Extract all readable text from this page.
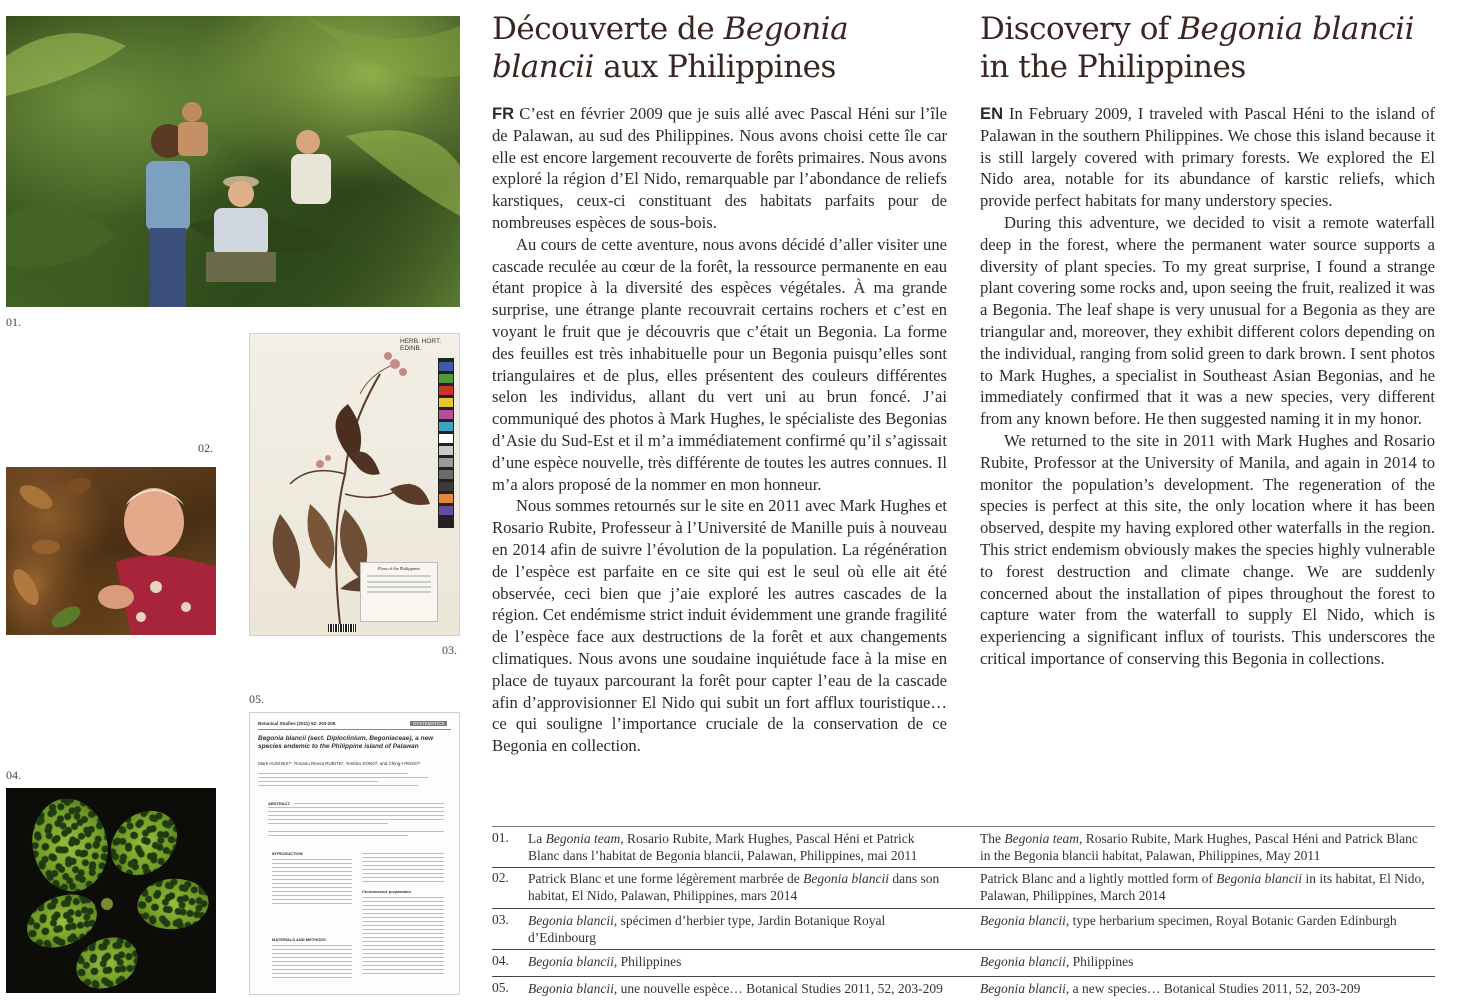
01.
02.
HERB. HORT. EDINB.
Flora of the Philippines
03.
04.
05.
Botanical Studies (2011) 52: 203-209.	SYSTEMATICS
Begonia blancii (sect. Diploclinium, Begoniaceae), a new species endemic to the Philippine island of Palawan
Mark HUGHES¹*, Rosario Rivera RUBITE², Yoshiko KONO³, and Ching-I PENG³*
ABSTRACT.
INTRODUCTION
MATERIALS AND METHODS
Chromosome preparation
Découverte de Begonia
blancii aux Philippines

FR C’est en février 2009 que je suis allé avec Pascal Héni sur l’île de Palawan, au sud des Philippines. Nous avons choisi cette île car elle est encore largement recouverte de forêts primaires. Nous avons exploré la région d’El Nido, remarquable par l’abondance de reliefs karstiques, ceux-ci constituant des habitats parfaits pour de nombreuses espèces de sous-bois.

Au cours de cette aventure, nous avons décidé d’aller visiter une cascade reculée au cœur de la forêt, la ressource permanente en eau étant propice à la diversité des espèces végétales. À ma grande surprise, une étrange plante recouvrait certains rochers et c’est en voyant le fruit que je découvris que c’était un Begonia. La forme des feuilles est très inhabituelle pour un Begonia puisqu’elles sont triangulaires et de plus, elles présentent des couleurs différentes selon les individus, allant du vert uni au brun foncé. J’ai communiqué des photos à Mark Hughes, le spécialiste des Begonias d’Asie du Sud-Est et il m’a immédiatement confirmé qu’il s’agissait d’une espèce nouvelle, très différente de toutes les autres connues. Il m’a alors proposé de la nommer en mon honneur.

Nous sommes retournés sur le site en 2011 avec Mark Hughes et Rosario Rubite, Professeur à l’Université de Manille puis à nouveau en 2014 afin de suivre l’évolution de la population. La régénération de l’espèce est parfaite en ce site qui est le seul où elle ait été observée, ceci bien que j’aie exploré les autres cascades de la région. Cet endémisme strict induit évidemment une grande fragilité de l’espèce face aux destructions de la forêt et aux changements climatiques. Nous avons une soudaine inquiétude face à la mise en place de tuyaux parcourant la forêt pour capter l’eau de la cascade afin d’approvisionner El Nido qui subit un fort afflux touristique… ce qui souligne l’importance cruciale de la conservation de ce Begonia en collection.

Discovery of Begonia blancii
in the Philippines

EN In February 2009, I traveled with Pascal Héni to the island of Palawan in the southern Philippines. We chose this island because it is still largely covered with primary forests. We explored the El Nido area, notable for its abundance of karstic reliefs, which provide perfect habitats for many understory species.

During this adventure, we decided to visit a remote waterfall deep in the forest, where the permanent water source supports a diversity of plant species. To my great surprise, I found a strange plant covering some rocks and, upon seeing the fruit, realized it was a Begonia. The leaf shape is very unusual for a Begonia as they are triangular and, moreover, they exhibit different colors depending on the individual, ranging from solid green to dark brown. I sent photos to Mark Hughes, a specialist in Southeast Asian Begonias, and he immediately confirmed that it was a new species, very different from any known before. He then suggested naming it in my honor.

We returned to the site in 2011 with Mark Hughes and Rosario Rubite, Professor at the University of Manila, and again in 2014 to monitor the population’s development. The regeneration of the species is perfect at this site, the only location where it has been observed, despite my having explored other waterfalls in the region. This strict endemism obviously makes the species highly vulnerable to forest destruction and climate change. We are suddenly concerned about the installation of pipes throughout the forest to capture water from the waterfall to supply El Nido, which is experiencing a significant influx of tourists. This underscores the critical importance of conserving this Begonia in collections.

01. La Begonia team, Rosario Rubite, Mark Hughes, Pascal Héni et Patrick Blanc dans l’habitat de Begonia blancii, Palawan, Philippines, mai 2011
The Begonia team, Rosario Rubite, Mark Hughes, Pascal Héni and Patrick Blanc in the Begonia blancii habitat, Palawan, Philippines, May 2011
02. Patrick Blanc et une forme légèrement marbrée de Begonia blancii dans son habitat, El Nido, Palawan, Philippines, mars 2014
Patrick Blanc and a lightly mottled form of Begonia blancii in its habitat, El Nido, Palawan, Philippines, March 2014
03. Begonia blancii, spécimen d’herbier type, Jardin Botanique Royal d’Edinbourg
Begonia blancii, type herbarium specimen, Royal Botanic Garden Edinburgh
04. Begonia blancii, Philippines	Begonia blancii, Philippines
05. Begonia blancii, une nouvelle espèce… Botanical Studies 2011, 52, 203-209	Begonia blancii, a new species… Botanical Studies 2011, 52, 203-209
